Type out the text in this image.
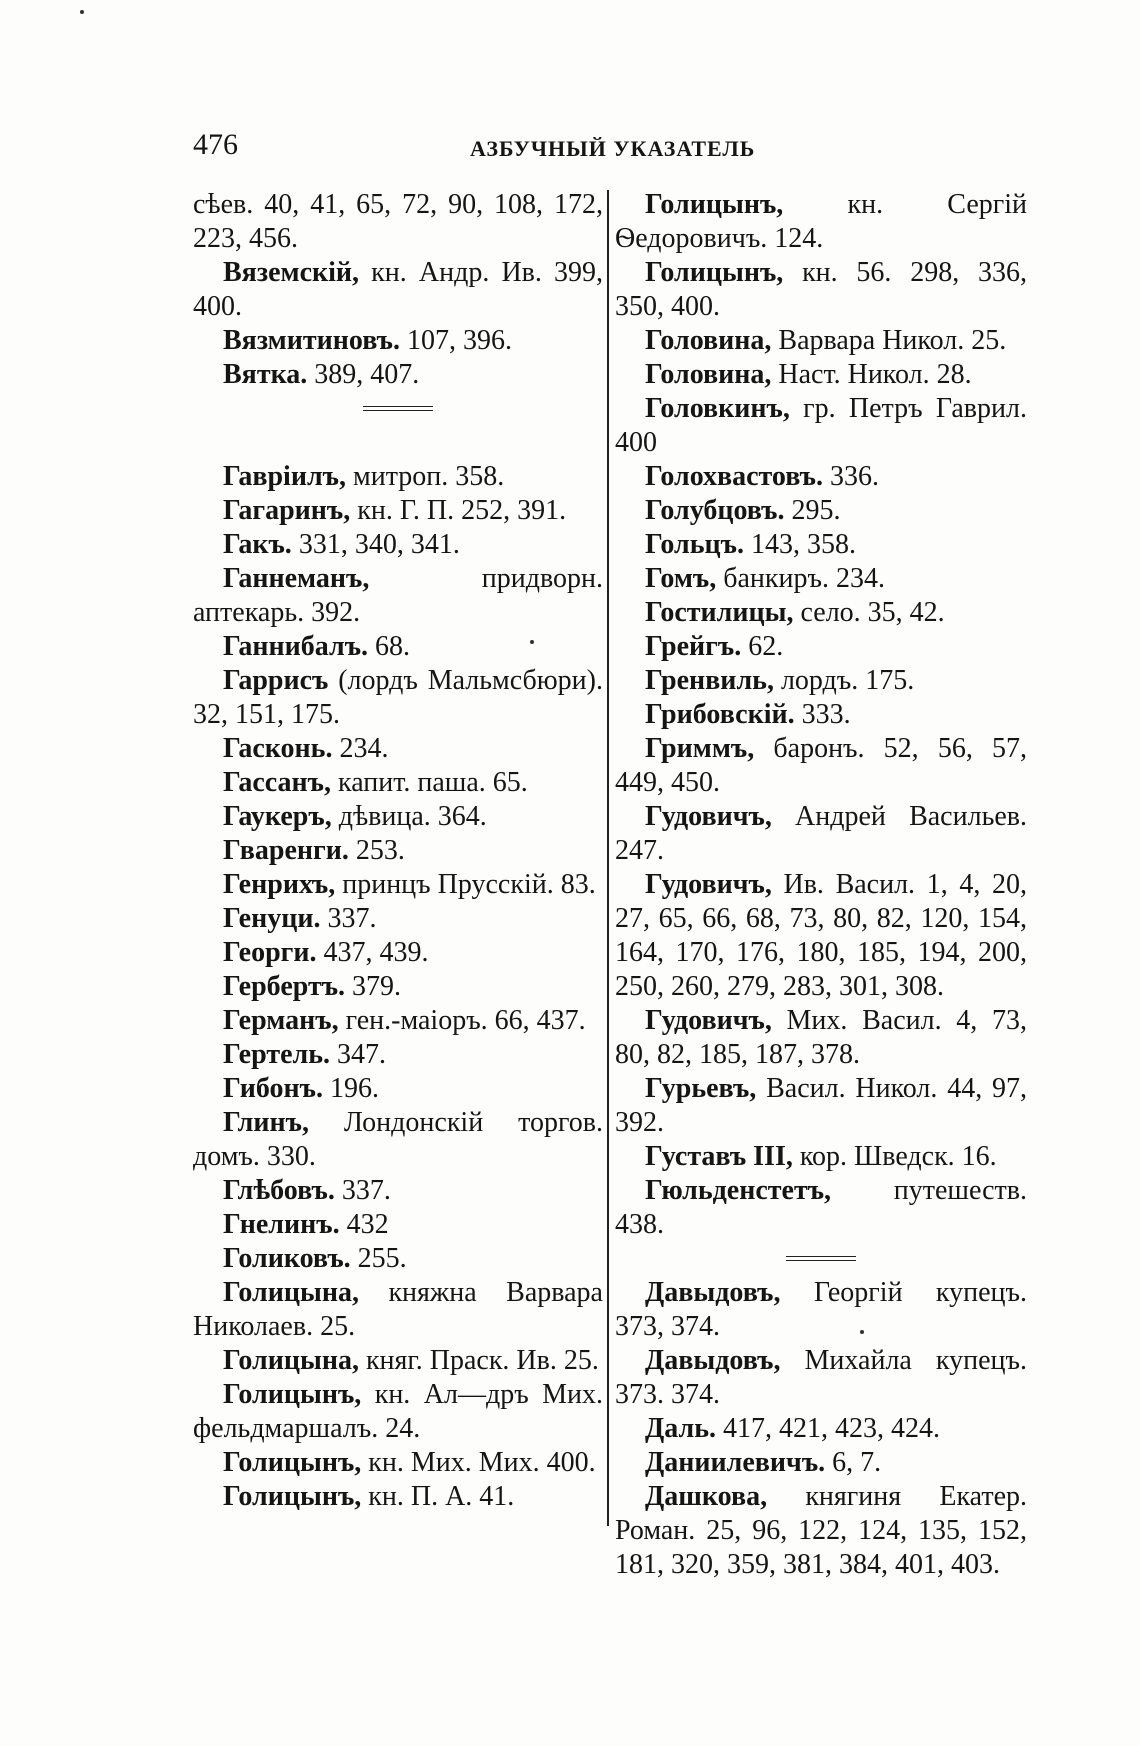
476	АЗБУЧНЫЙ УКАЗАТЕЛЬ
сѣев. 40, 41, 65, 72, 90, 108, 172, 223, 456.
Вяземскій, кн. Андр. Ив. 399, 400.
Вязмитиновъ. 107, 396.
Вятка. 389, 407.
Гавріилъ, митроп. 358.
Гагаринъ, кн. Г. П. 252, 391.
Гакъ. 331, 340, 341.
Ганнеманъ, придворн. аптекарь. 392.
Ганнибалъ. 68.
Гаррисъ (лордъ Мальмсбюри). 32, 151, 175.
Гасконь. 234.
Гассанъ, капит. паша. 65.
Гаукеръ, дѣвица. 364.
Гваренги. 253.
Генрихъ, принцъ Прусскій. 83.
Генуци. 337.
Георги. 437, 439.
Гербертъ. 379.
Германъ, ген.-маіоръ. 66, 437.
Гертель. 347.
Гибонъ. 196.
Глинъ, Лондонскій торгов. домъ. 330.
Глѣбовъ. 337.
Гнелинъ. 432
Голиковъ. 255.
Голицына, княжна Варвара Николаев. 25.
Голицына, княг. Праск. Ив. 25.
Голицынъ, кн. Ал—дръ Мих. фельдмаршалъ. 24.
Голицынъ, кн. Мих. Мих. 400.
Голицынъ, кн. П. А. 41.
Голицынъ, кн. Сергій Ѳедоровичъ. 124.
Голицынъ, кн. 56. 298, 336, 350, 400.
Головина, Варвара Никол. 25.
Головина, Наст. Никол. 28.
Головкинъ, гр. Петръ Гаврил. 400
Голохвастовъ. 336.
Голубцовъ. 295.
Гольцъ. 143, 358.
Гомъ, банкиръ. 234.
Гостилицы, село. 35, 42.
Грейгъ. 62.
Гренвиль, лордъ. 175.
Грибовскій. 333.
Гриммъ, баронъ. 52, 56, 57, 449, 450.
Гудовичъ, Андрей Васильев. 247.
Гудовичъ, Ив. Васил. 1, 4, 20, 27, 65, 66, 68, 73, 80, 82, 120, 154, 164, 170, 176, 180, 185, 194, 200, 250, 260, 279, 283, 301, 308.
Гудовичъ, Мих. Васил. 4, 73, 80, 82, 185, 187, 378.
Гурьевъ, Васил. Никол. 44, 97, 392.
Густавъ III, кор. Шведск. 16.
Гюльденстетъ, путешеств. 438.
Давыдовъ, Георгій купецъ. 373, 374.
Давыдовъ, Михайла купецъ. 373. 374.
Даль. 417, 421, 423, 424.
Даниилевичъ. 6, 7.
Дашкова, княгиня Екатер. Роман. 25, 96, 122, 124, 135, 152, 181, 320, 359, 381, 384, 401, 403.
